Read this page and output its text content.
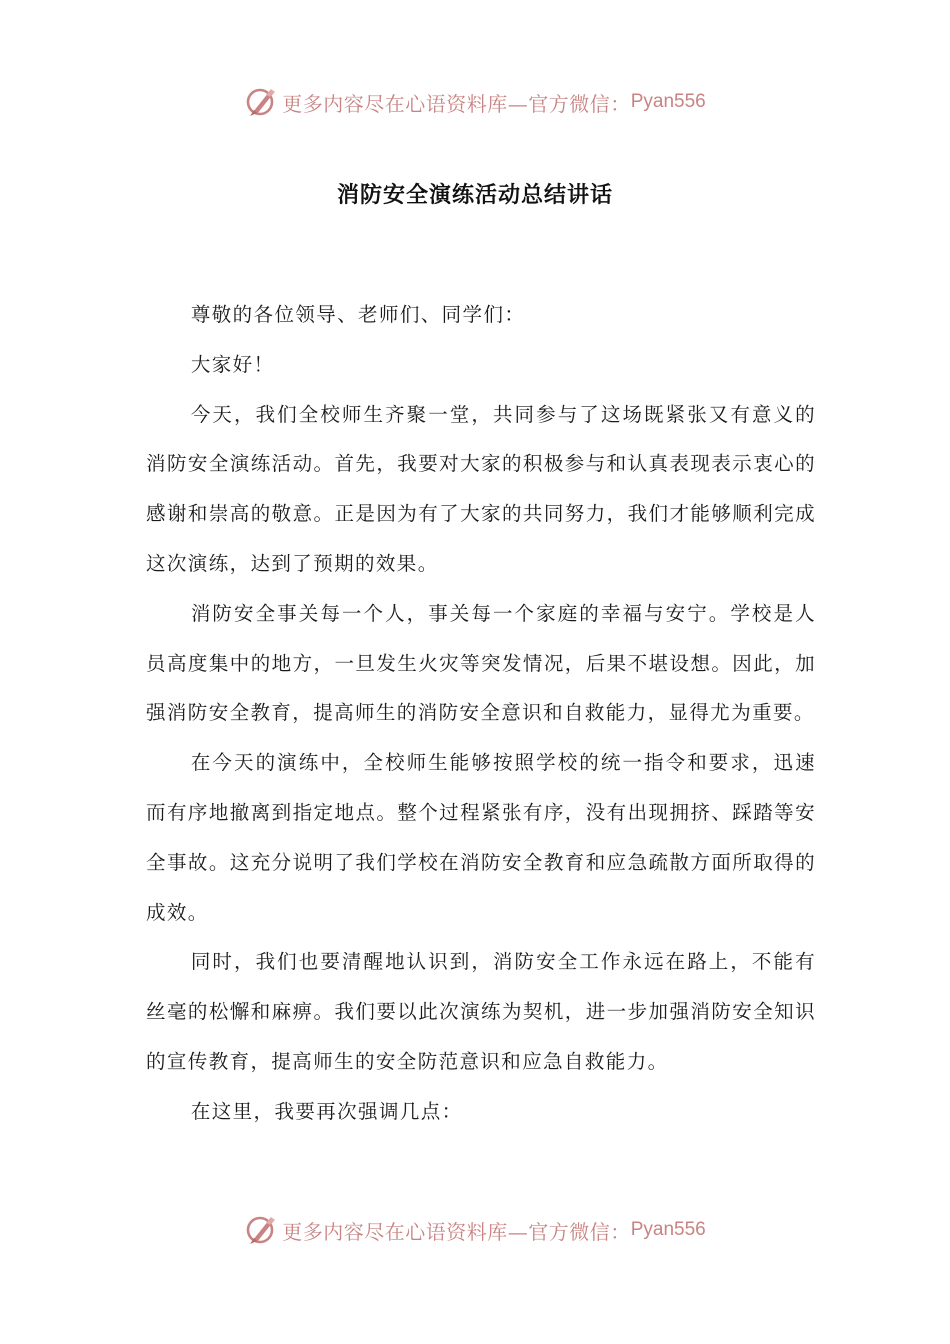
更多内容尽在心语资料库—官方微信： Pyan556
消防安全演练活动总结讲话

尊敬的各位领导、老师们、同学们：

大家好！

今天，我们全校师生齐聚一堂，共同参与了这场既紧张又有意义的消防安全演练活动。首先，我要对大家的积极参与和认真表现表示衷心的感谢和崇高的敬意。正是因为有了大家的共同努力，我们才能够顺利完成这次演练，达到了预期的效果。

消防安全事关每一个人，事关每一个家庭的幸福与安宁。学校是人员高度集中的地方，一旦发生火灾等突发情况，后果不堪设想。因此，加强消防安全教育，提高师生的消防安全意识和自救能力，显得尤为重要。

在今天的演练中，全校师生能够按照学校的统一指令和要求，迅速而有序地撤离到指定地点。整个过程紧张有序，没有出现拥挤、踩踏等安全事故。这充分说明了我们学校在消防安全教育和应急疏散方面所取得的成效。

同时，我们也要清醒地认识到，消防安全工作永远在路上，不能有丝毫的松懈和麻痹。我们要以此次演练为契机，进一步加强消防安全知识的宣传教育，提高师生的安全防范意识和应急自救能力。

在这里，我要再次强调几点：

更多内容尽在心语资料库—官方微信： Pyan556
